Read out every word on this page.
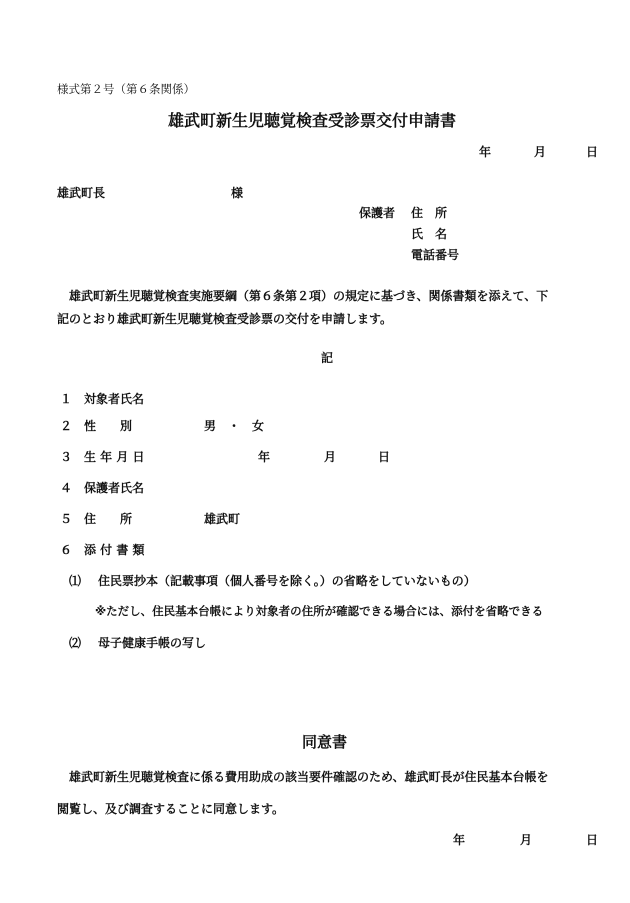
様式第２号（第６条関係）
雄武町新生児聴覚検査受診票交付申請書
年	月	日
雄武町長	様
保護者 住　所
氏　名
電話番号
雄武町新生児聴覚検査実施要綱（第６条第２項）の規定に基づき、関係書類を添えて、下
記のとおり雄武町新生児聴覚検査受診票の交付を申請します。
記
１ 対象者氏名
２ 性　　別	男　・　女
３ 生 年 月 日	年	月	日
４ 保護者氏名
５ 住　　所	雄武町
６ 添 付 書 類
⑴ 住民票抄本（記載事項（個人番号を除く。）の省略をしていないもの）
※ただし、住民基本台帳により対象者の住所が確認できる場合には、添付を省略できる
⑵ 母子健康手帳の写し
同意書
雄武町新生児聴覚検査に係る費用助成の該当要件確認のため、雄武町長が住民基本台帳を
閲覧し、及び調査することに同意します。
年	月	日
